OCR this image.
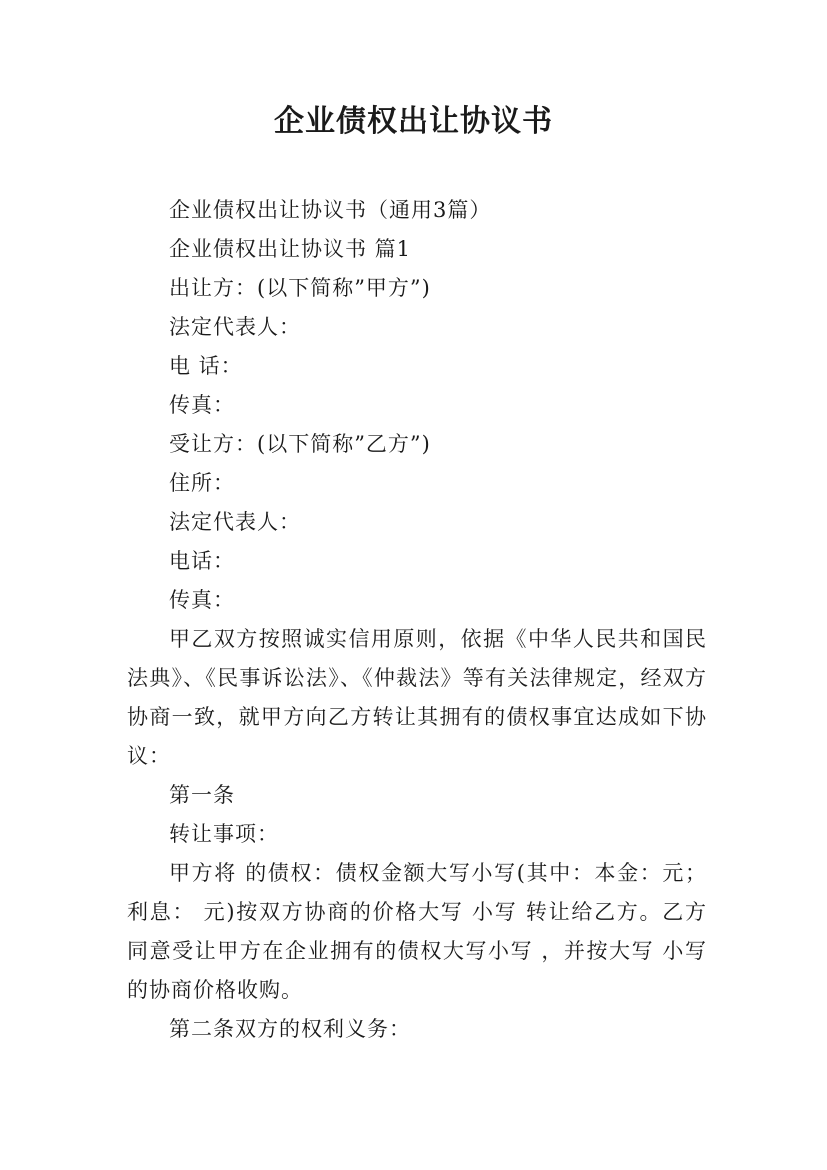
企业债权出让协议书

企业债权出让协议书（通用3篇）

企业债权出让协议书 篇1

出让方：(以下简称”甲方”)

法定代表人：

电 话：

传真：

受让方：(以下简称”乙方”)

住所：

法定代表人：

电话：

传真：

甲乙双方按照诚实信用原则，依据《中华人民共和国民法典》、《民事诉讼法》、《仲裁法》等有关法律规定，经双方协商一致，就甲方向乙方转让其拥有的债权事宜达成如下协议：

第一条

转让事项：

甲方将 的债权：债权金额大写小写(其中：本金：元；利息： 元)按双方协商的价格大写 小写 转让给乙方。乙方同意受让甲方在企业拥有的债权大写小写 ，并按大写 小写的协商价格收购。

第二条双方的权利义务：
